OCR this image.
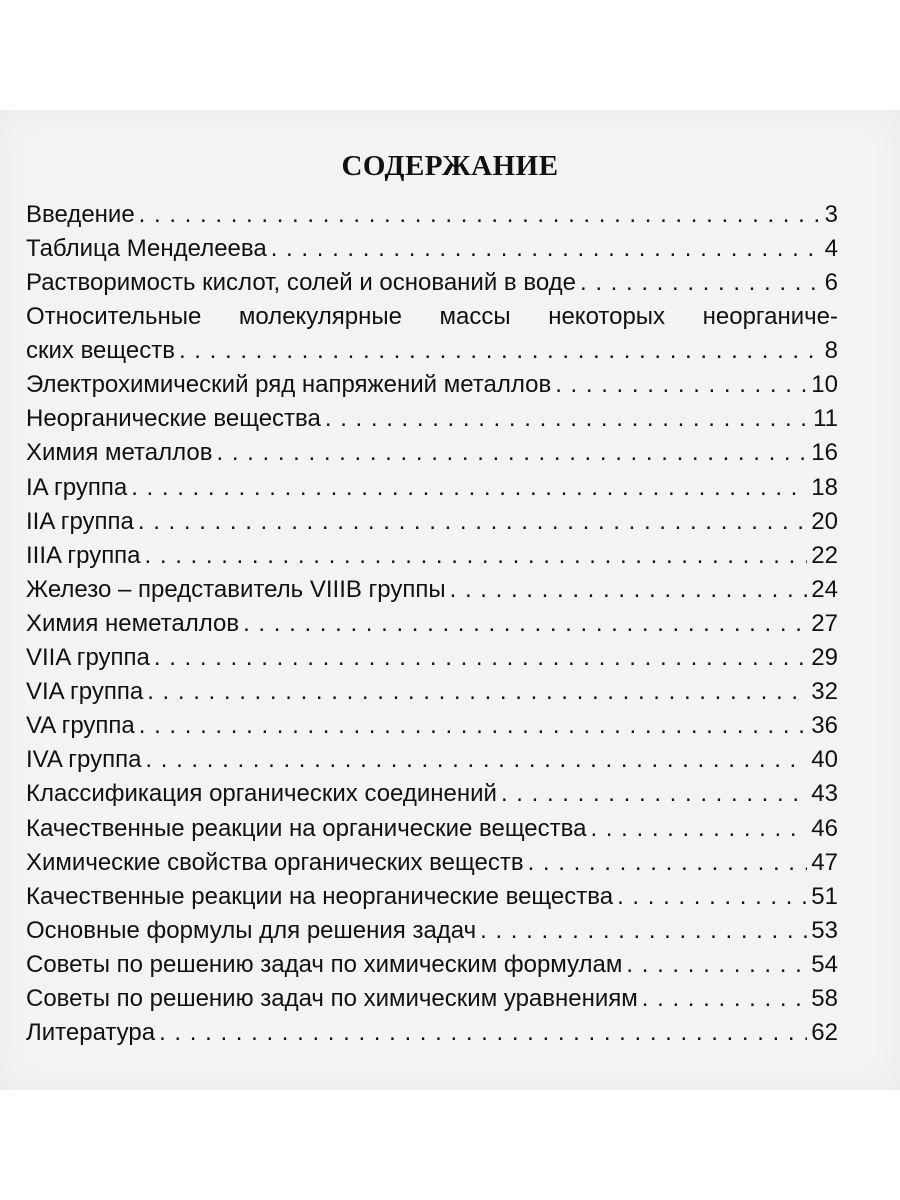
СОДЕРЖАНИЕ
Введение . . .	3
Таблица Менделеева . . .	4
Растворимость кислот, солей и оснований в воде . . .	6
Относительные молекулярные массы некоторых неорганиче-
ских веществ . . .	8
Электрохимический ряд напряжений металлов . . .	10
Неорганические вещества . . .	11
Химия металлов . . .	16
IA группа . . .	18
IIA группа . . .	20
IIIA группа . . .	22
Железо – представитель VIIIB группы . . .	24
Химия неметаллов . . .	27
VIIA группа . . .	29
VIA группа . . .	32
VA группа . . .	36
IVA группа . . .	40
Классификация органических соединений . . .	43
Качественные реакции на органические вещества . . .	46
Химические свойства органических веществ . . .	47
Качественные реакции на неорганические вещества . . .	51
Основные формулы для решения задач . . .	53
Советы по решению задач по химическим формулам . . .	54
Советы по решению задач по химическим уравнениям . . .	58
Литература . . .	62
